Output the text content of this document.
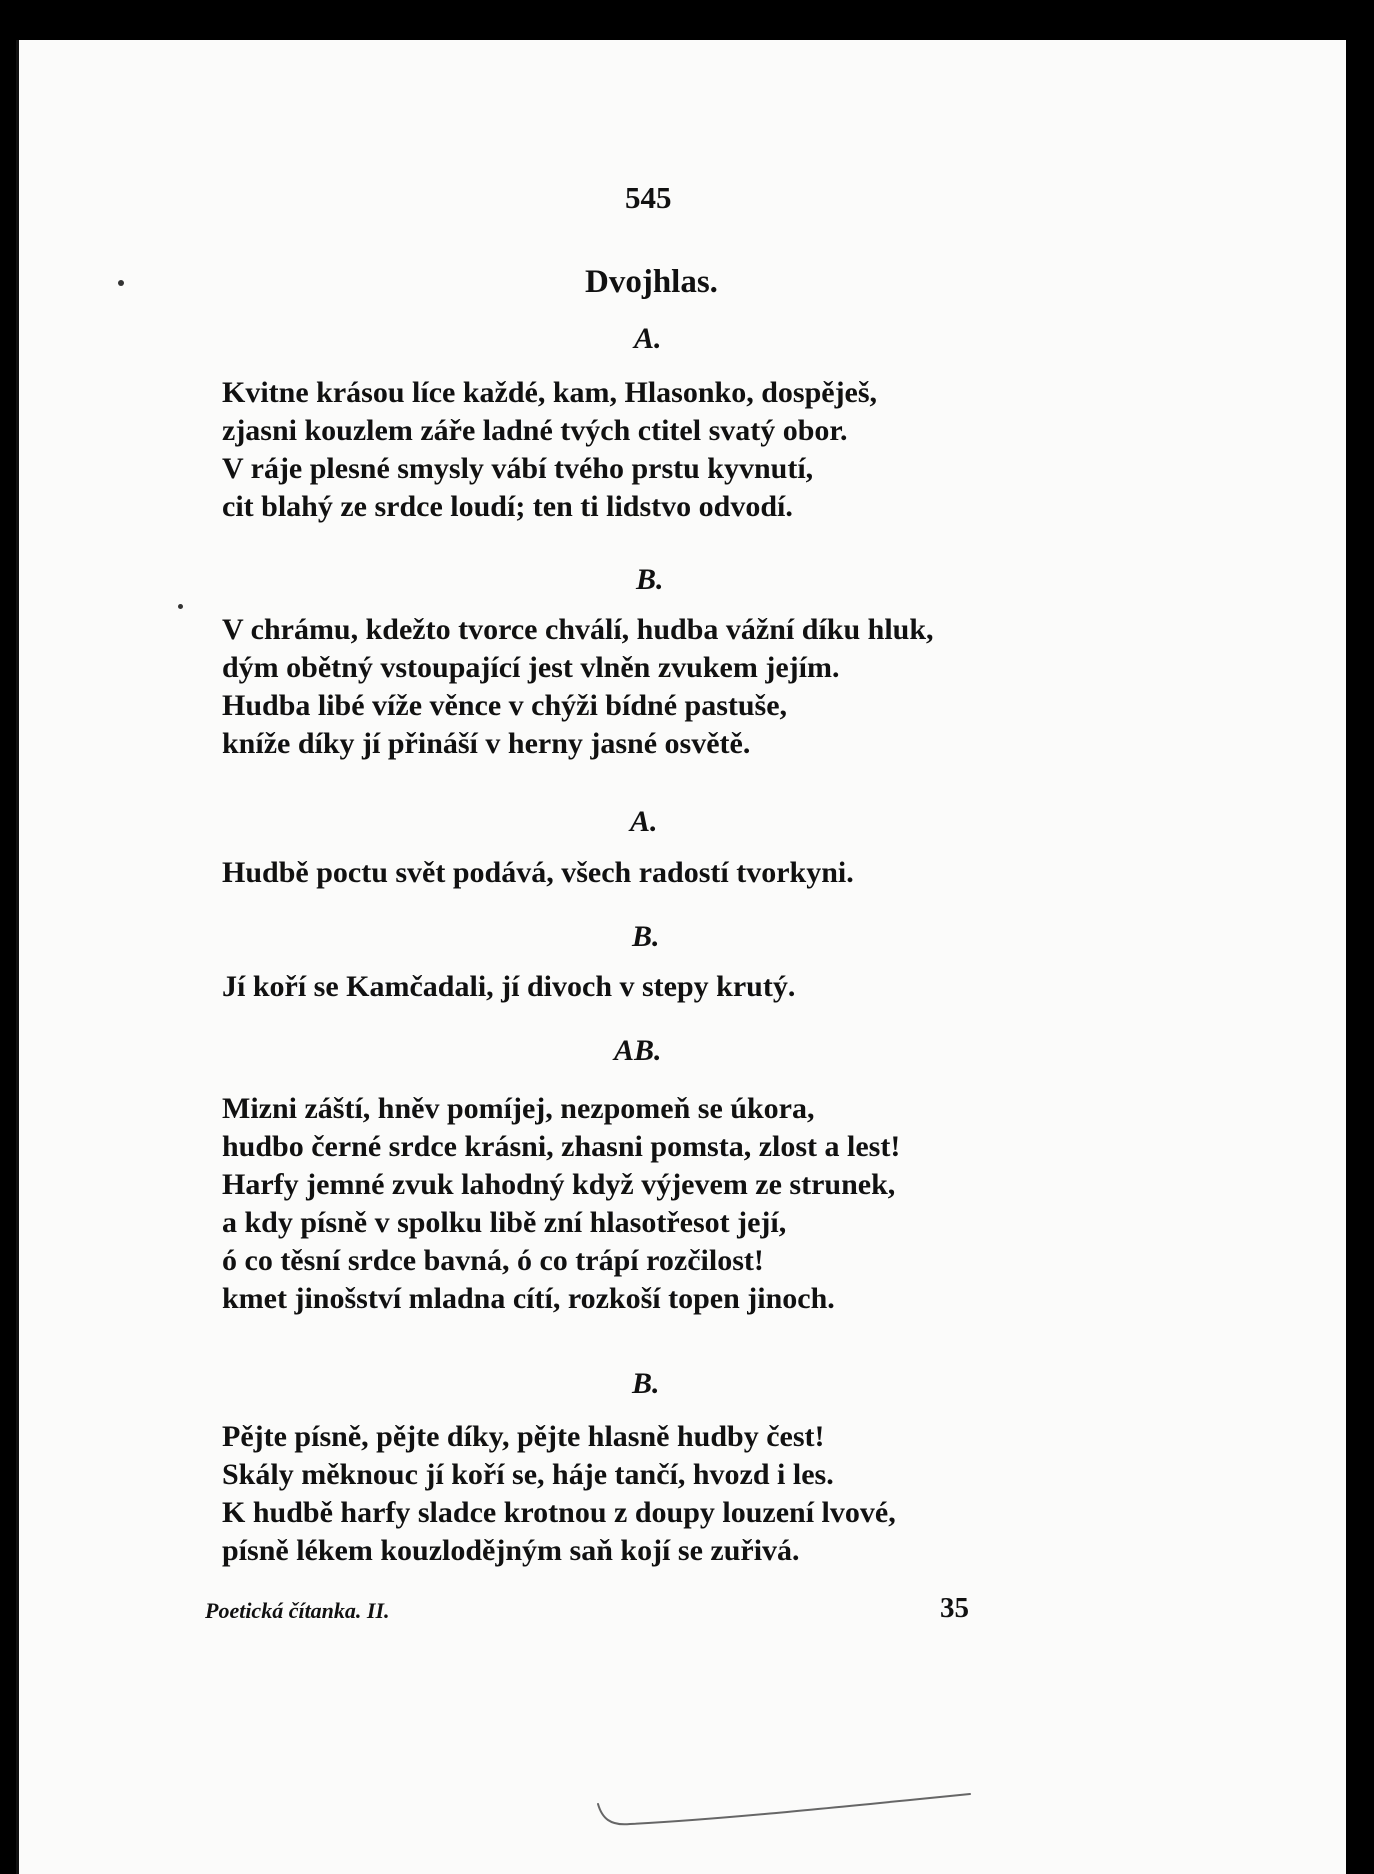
545
Dvojhlas.
A.
Kvitne krásou líce každé, kam, Hlasonko, dospěješ,
zjasni kouzlem záře ladné tvých ctitel svatý obor.
V ráje plesné smysly vábí tvého prstu kyvnutí,
cit blahý ze srdce loudí; ten ti lidstvo odvodí.
B.
V chrámu, kdežto tvorce chválí, hudba vážní díku hluk,
dým obětný vstoupající jest vlněn zvukem jejím.
Hudba libé víže věnce v chýži bídné pastuše,
kníže díky jí přináší v herny jasné osvětě.
A.
Hudbě poctu svět podává, všech radostí tvorkyni.
B.
Jí koří se Kamčadali, jí divoch v stepy krutý.
AB.
Mizni záští, hněv pomíjej, nezpomeň se úkora,
hudbo černé srdce krásni, zhasni pomsta, zlost a lest!
Harfy jemné zvuk lahodný když výjevem ze strunek,
a kdy písně v spolku libě zní hlasotřesot její,
ó co těsní srdce bavná, ó co trápí rozčilost!
kmet jinošství mladna cítí, rozkoší topen jinoch.
B.
Pějte písně, pějte díky, pějte hlasně hudby čest!
Skály měknouc jí koří se, háje tančí, hvozd i les.
K hudbě harfy sladce krotnou z doupy louzení lvové,
písně lékem kouzlodějným saň kojí se zuřivá.
Poetická čítanka. II.	35
